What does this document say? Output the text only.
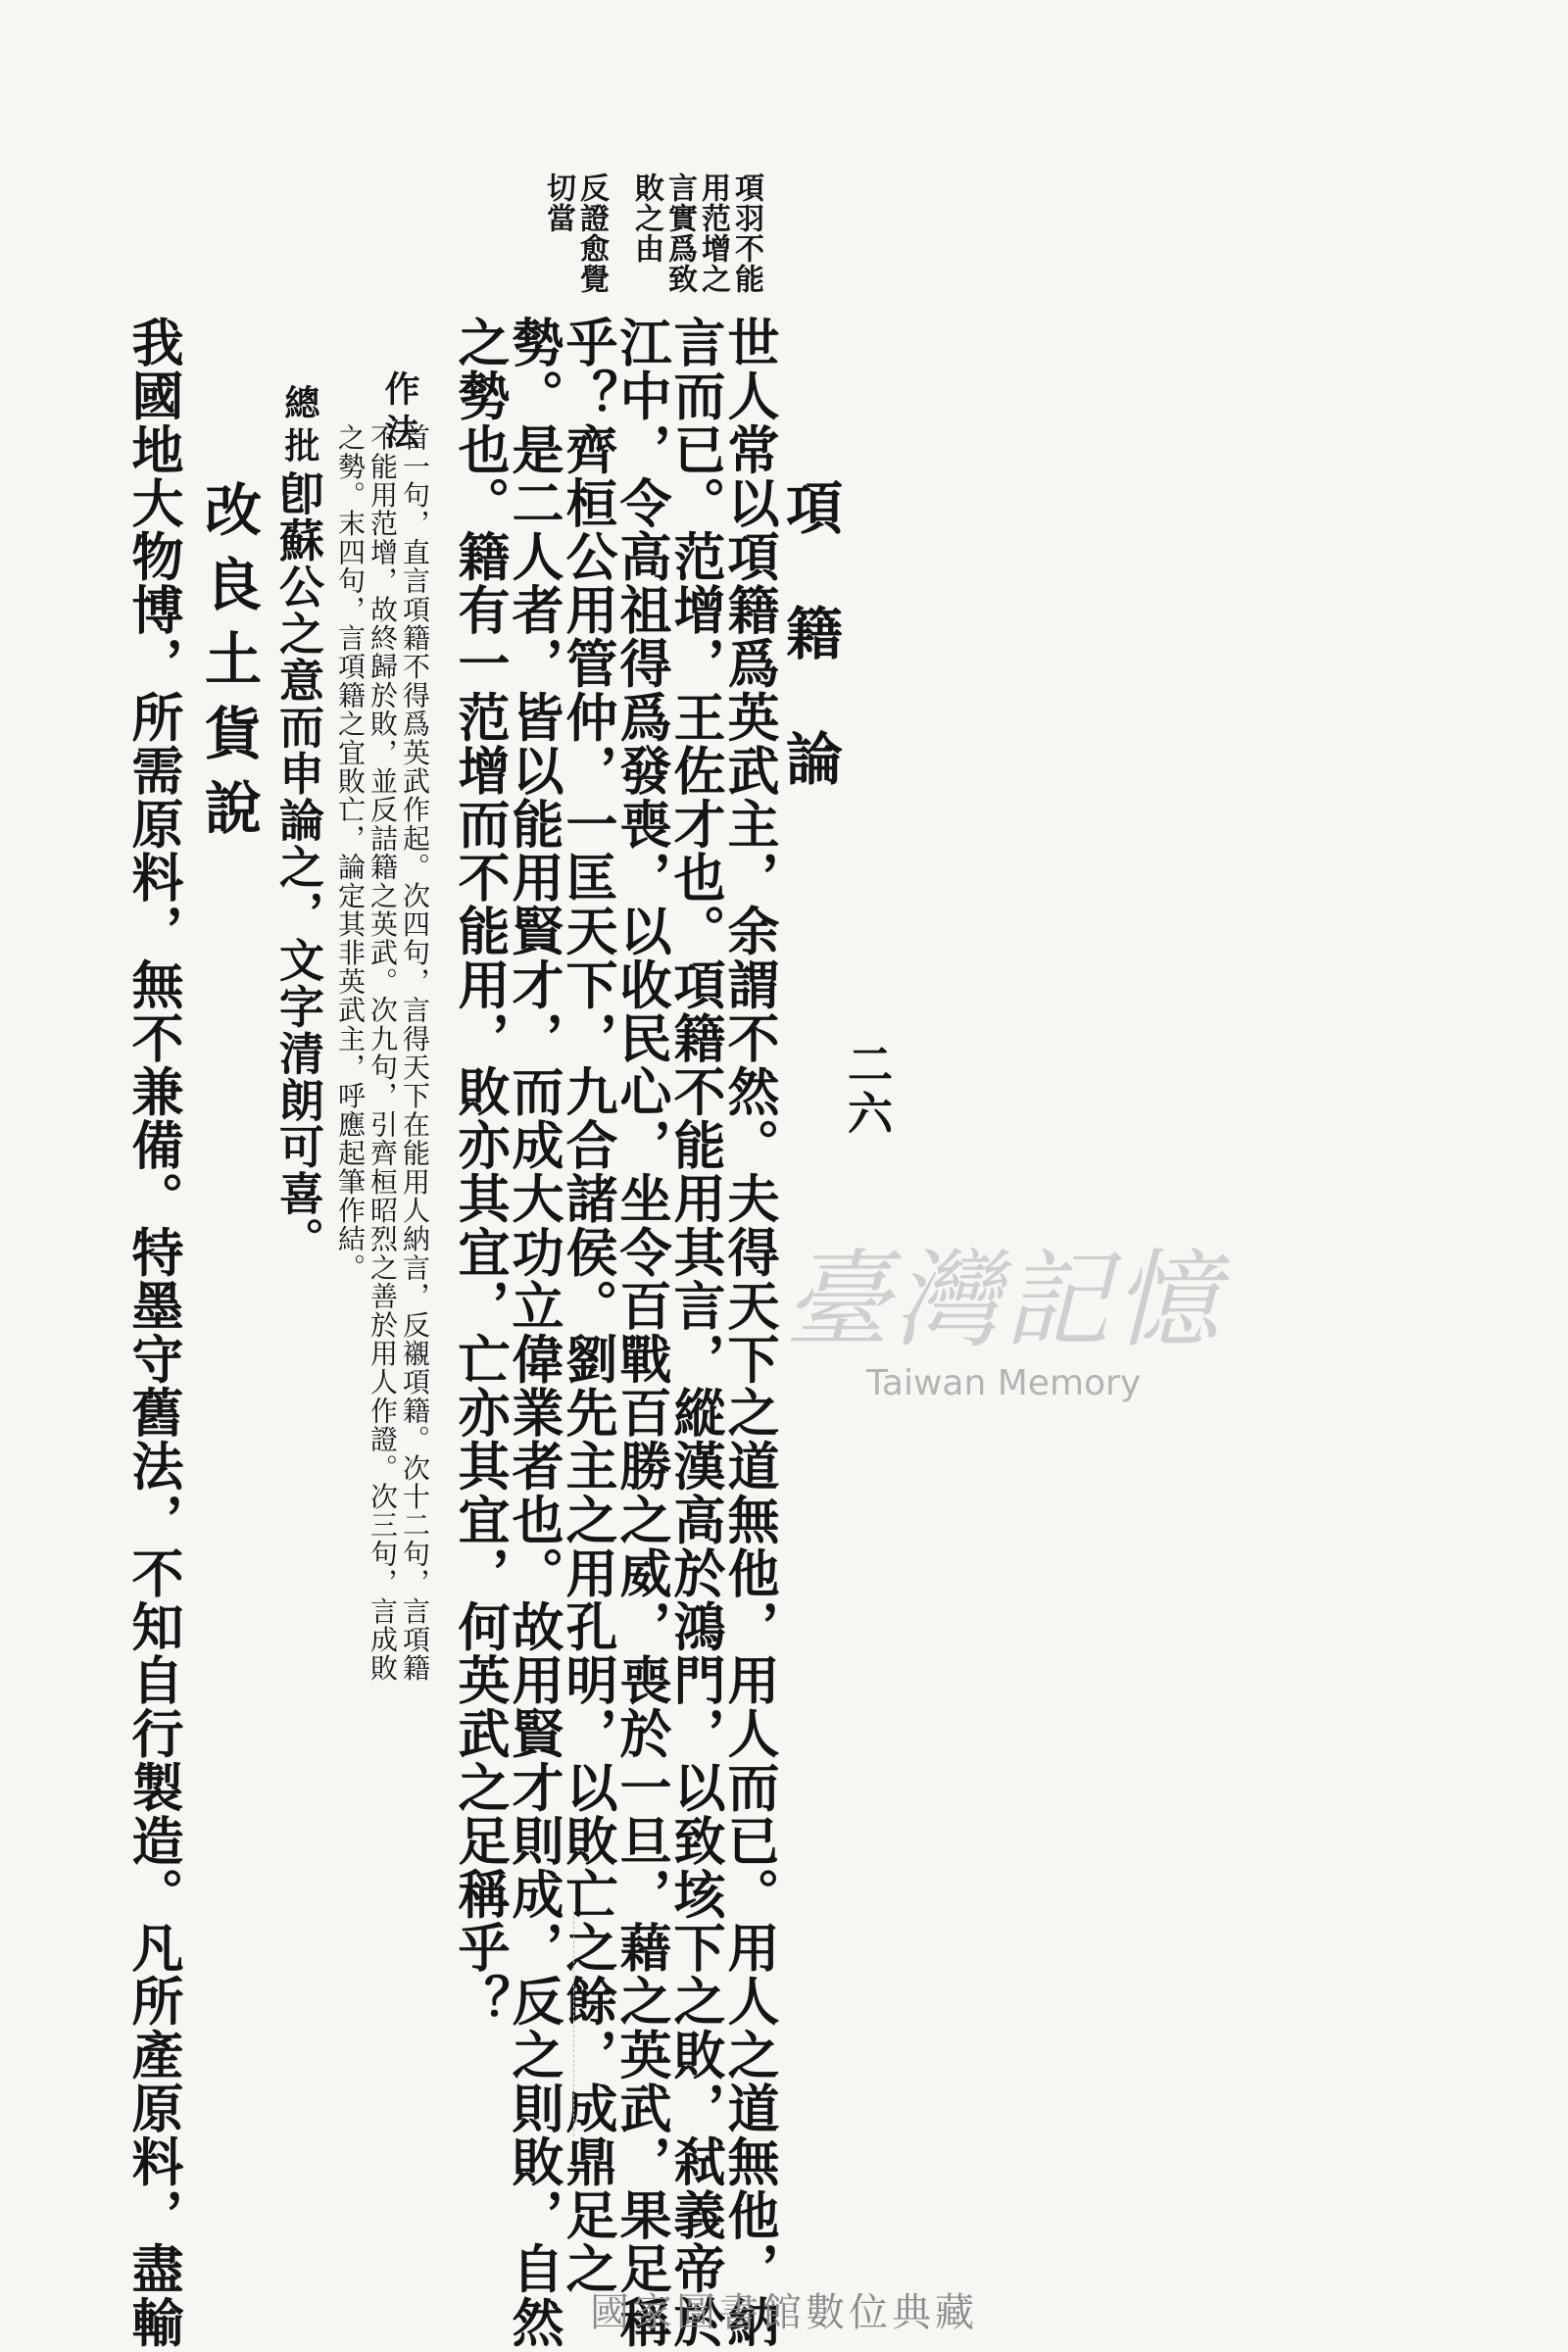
二六
項籍論
項羽不能
用范增之
言實爲致
敗之由
反證愈覺
切當
世人常以項籍爲英武主，余謂不然。夫得天下之道無他，用人而已。用人之道無他，納
言而已。范增，王佐才也。項籍不能用其言，縱漢高於鴻門，以致垓下之敗，弒義帝於
江中，令高祖得爲發喪，以收民心，坐令百戰百勝之威，喪於一旦，藉之英武，果足稱
乎？齊桓公用管仲，一匡天下，九合諸侯。劉先主之用孔明，以敗亡之餘，成鼎足之
勢。是二人者，皆以能用賢才，而成大功立偉業者也。故用賢才則成，反之則敗，自然
之勢也。籍有一范增而不能用，敗亦其宜，亡亦其宜，何英武之足稱乎？
作法
首一句，直言項籍不得爲英武作起。次四句，言得天下在能用人納言，反襯項籍。次十二句，言項籍
不能用范增，故終歸於敗，並反詰籍之英武。次九句，引齊桓昭烈之善於用人作證。次三句，言成敗
之勢。末四句，言項籍之宜敗亡，論定其非英武主，呼應起筆作結。
總批
卽蘇公之意而申論之，文字清朗可喜。
改良土貨說
我國地大物博，所需原料，無不兼備。特墨守舊法，不知自行製造。凡所產原料，盡輸	臺灣記憶
Taiwan Memory
國家圖書館數位典藏
